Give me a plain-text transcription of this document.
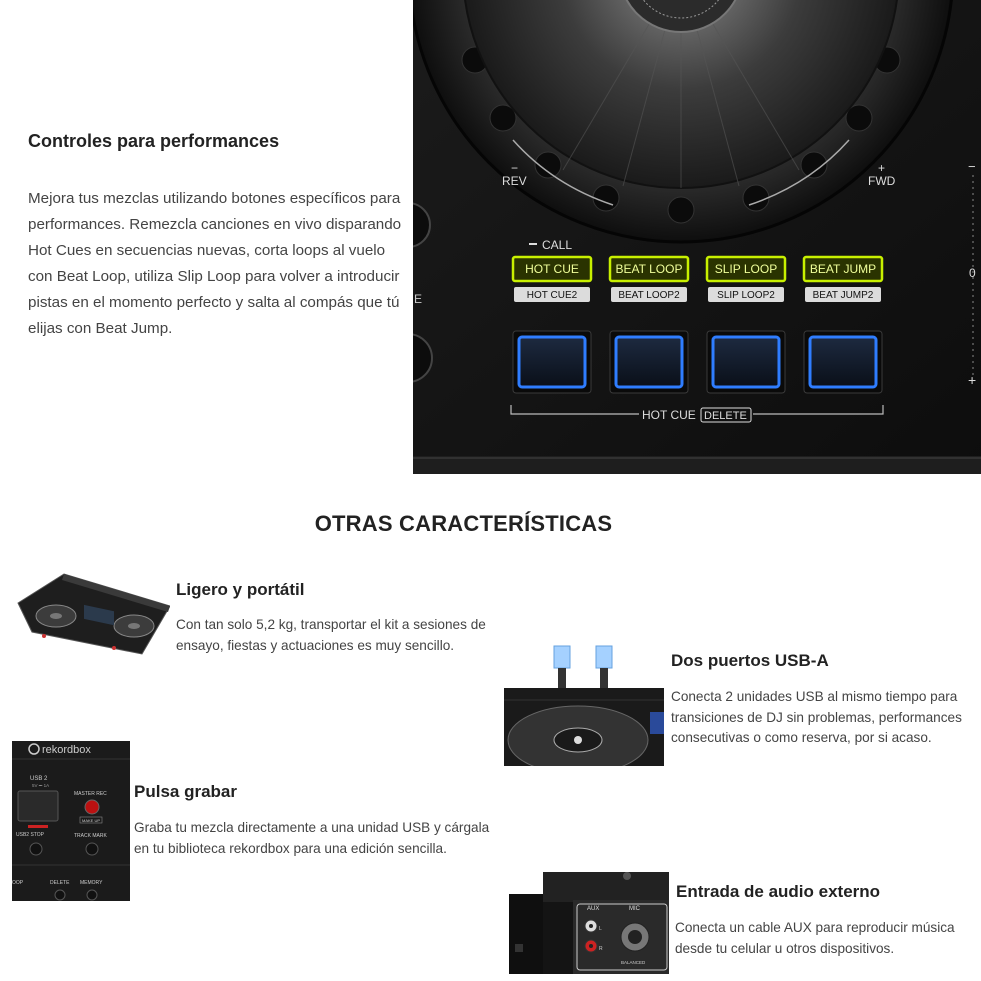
Controles para performances
Mejora tus mezclas utilizando botones específicos para performances. Remezcla canciones en vivo disparando Hot Cues en secuencias nuevas, corta loops al vuelo con Beat Loop, utiliza Slip Loop para volver a introducir pistas en el momento perfecto y salta al compás que tú elijas con Beat Jump.
−
REV
+
FWD
E
CALL
HOT CUE
HOT CUE2
BEAT LOOP
BEAT LOOP2
SLIP LOOP
SLIP LOOP2
BEAT JUMP
BEAT JUMP2
HOT CUE DELETE
−
0
+
OTRAS CARACTERÍSTICAS
Ligero y portátil
Con tan solo 5,2 kg, transportar el kit a sesiones de ensayo, fiestas y actuaciones es muy sencillo.
Dos puertos USB-A
Conecta 2 unidades USB al mismo tiempo para transiciones de DJ sin problemas, performances consecutivas o como reserva, por si acaso.
rekordbox
USB 2
5V ⎓ 1A
USB2 STOP
MASTER REC
MAKE UP
TRACK MARK
OOP	DELETE MEMORY
Pulsa grabar
Graba tu mezcla directamente a una unidad USB y cárgala en tu biblioteca rekordbox para una edición sencilla.
AUX	MIC
L
R
BALANCED
Entrada de audio externo
Conecta un cable AUX para reproducir música desde tu celular u otros dispositivos.
